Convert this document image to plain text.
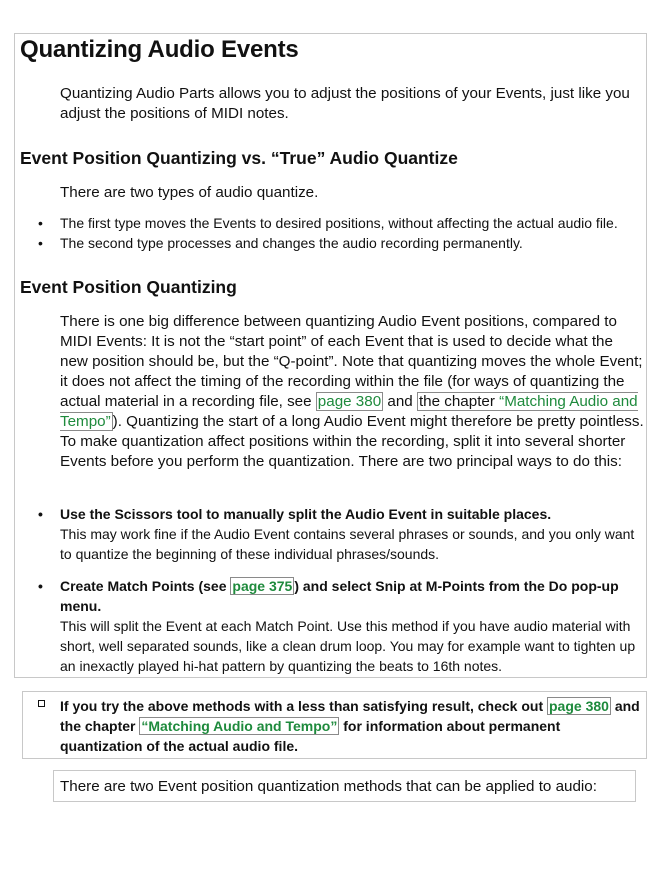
Quantizing Audio Events
Quantizing Audio Parts allows you to adjust the positions of your Events, just like you adjust the positions of MIDI notes.
Event Position Quantizing vs. “True” Audio Quantize
There are two types of audio quantize.
• The first type moves the Events to desired positions, without affecting the actual audio file.
• The second type processes and changes the audio recording permanently.
Event Position Quantizing
There is one big difference between quantizing Audio Event positions, compared to MIDI Events: It is not the “start point” of each Event that is used to decide what the new position should be, but the “Q-point”. Note that quantizing moves the whole Event; it does not affect the timing of the recording within the file (for ways of quantizing the actual material in a recording file, see page 380 and the chapter “Matching Audio and Tempo” ). Quantizing the start of a long Audio Event might therefore be pretty pointless. To make quantization affect positions within the recording, split it into several shorter Events before you perform the quantization. There are two principal ways to do this:
• Use the Scissors tool to manually split the Audio Event in suitable places.
This may work fine if the Audio Event contains several phrases or sounds, and you only want to quantize the beginning of these individual phrases/sounds.
• Create Match Points (see page 375 ) and select Snip at M-Points from the Do pop-up menu.
This will split the Event at each Match Point. Use this method if you have audio material with short, well separated sounds, like a clean drum loop. You may for example want to tighten up an inexactly played hi-hat pattern by quantizing the beats to 16th notes.
If you try the above methods with a less than satisfying result, check out page 380 and the chapter “Matching Audio and Tempo” for information about permanent quantization of the actual audio file.
There are two Event position quantization methods that can be applied to audio:
